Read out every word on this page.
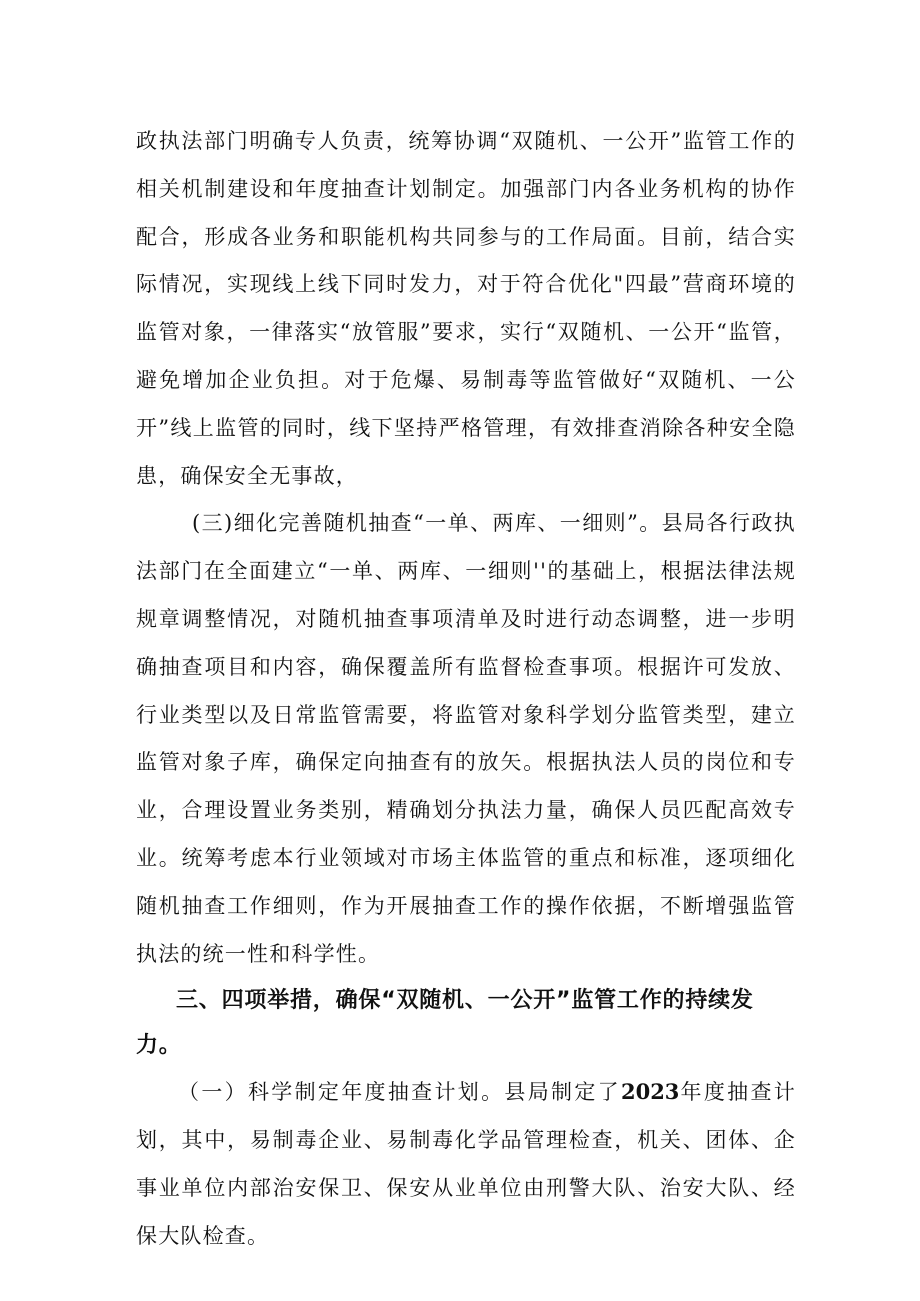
政执法部门明确专人负责，统筹协调“双随机、一公开”监管工作的相关机制建设和年度抽查计划制定。加强部门内各业务机构的协作配合，形成各业务和职能机构共同参与的工作局面。目前，结合实际情况，实现线上线下同时发力，对于符合优化"四最”营商环境的监管对象，一律落实“放管服”要求，实行“双随机、一公开“监管，避免增加企业负担。对于危爆、易制毒等监管做好“双随机、一公开”线上监管的同时，线下坚持严格管理，有效排查消除各种安全隐患，确保安全无事故，

(三)细化完善随机抽查“一单、两库、一细则”。县局各行政执法部门在全面建立“一单、两库、一细则''的基础上，根据法律法规规章调整情况，对随机抽查事项清单及时进行动态调整，进一步明确抽查项目和内容，确保覆盖所有监督检查事项。根据许可发放、行业类型以及日常监管需要，将监管对象科学划分监管类型，建立监管对象子库，确保定向抽查有的放矢。根据执法人员的岗位和专业，合理设置业务类别，精确划分执法力量，确保人员匹配高效专业。统筹考虑本行业领域对市场主体监管的重点和标准，逐项细化随机抽查工作细则，作为开展抽查工作的操作依据，不断增强监管执法的统一性和科学性。

三、四项举措，确保“双随机、一公开”监管工作的持续发力。

（一）科学制定年度抽查计划。县局制定了2023年度抽查计划，其中，易制毒企业、易制毒化学品管理检查，机关、团体、企事业单位内部治安保卫、保安从业单位由刑警大队、治安大队、经保大队检查。
